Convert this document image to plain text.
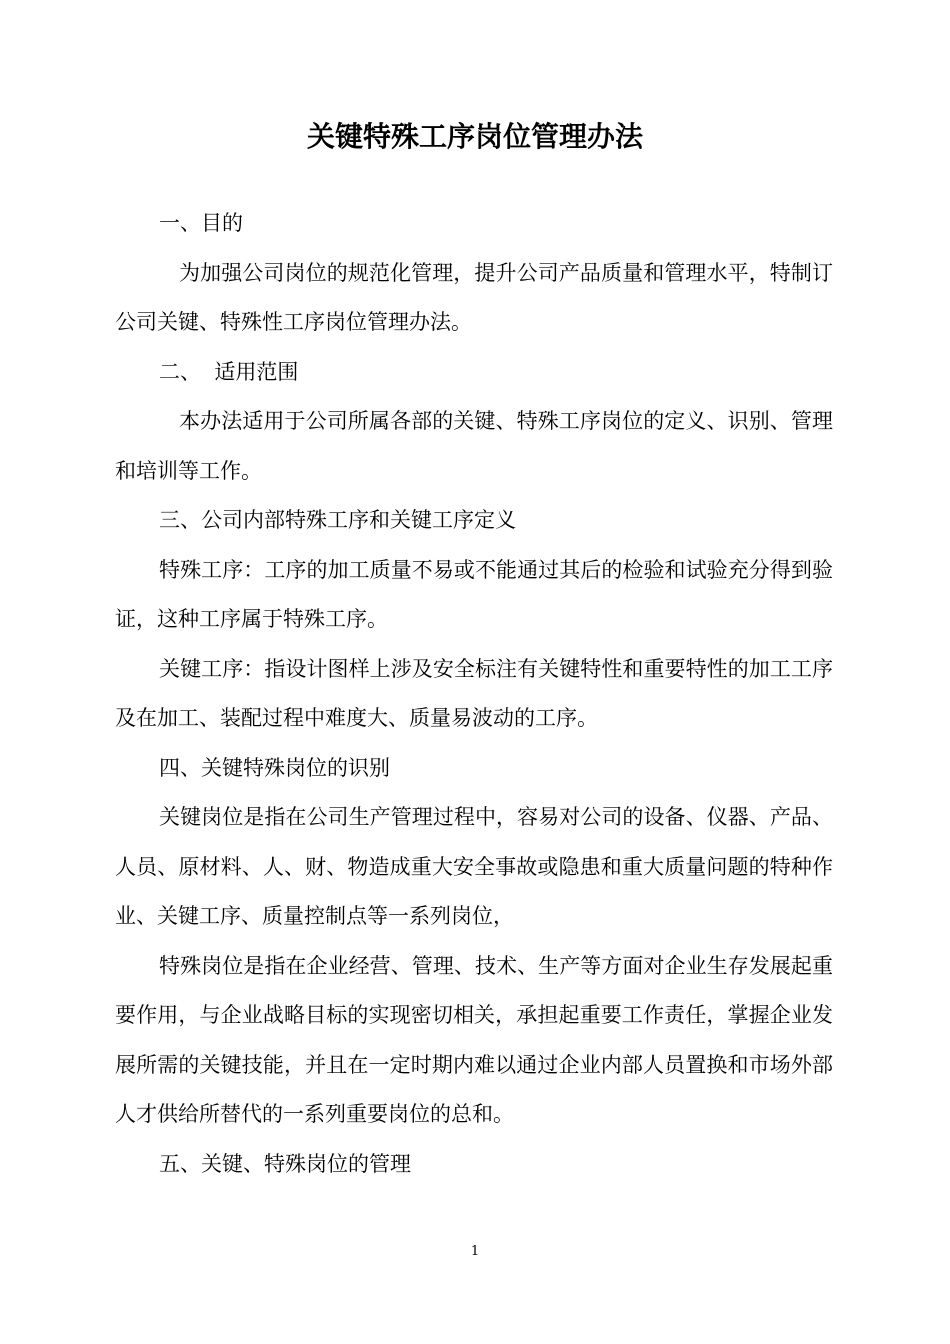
关键特殊工序岗位管理办法

一、目的

为加强公司岗位的规范化管理，提升公司产品质量和管理水平，特制订公司关键、特殊性工序岗位管理办法。

二、  适用范围

本办法适用于公司所属各部的关键、特殊工序岗位的定义、识别、管理和培训等工作。

三、公司内部特殊工序和关键工序定义

特殊工序：工序的加工质量不易或不能通过其后的检验和试验充分得到验证，这种工序属于特殊工序。

关键工序：指设计图样上涉及安全标注有关键特性和重要特性的加工工序及在加工、装配过程中难度大、质量易波动的工序。

四、关键特殊岗位的识别

关键岗位是指在公司生产管理过程中，容易对公司的设备、仪器、产品、人员、原材料、人、财、物造成重大安全事故或隐患和重大质量问题的特种作业、关键工序、质量控制点等一系列岗位，

特殊岗位是指在企业经营、管理、技术、生产等方面对企业生存发展起重要作用，与企业战略目标的实现密切相关，承担起重要工作责任，掌握企业发展所需的关键技能，并且在一定时期内难以通过企业内部人员置换和市场外部人才供给所替代的一系列重要岗位的总和。

五、关键、特殊岗位的管理

1
